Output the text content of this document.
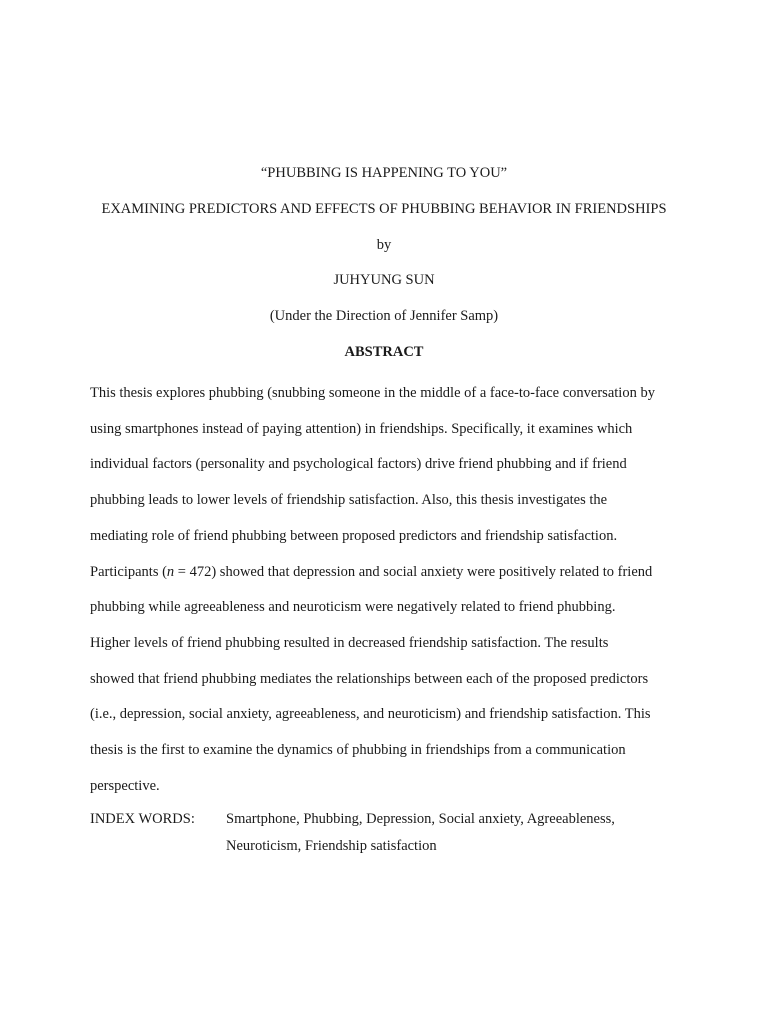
“PHUBBING IS HAPPENING TO YOU”
EXAMINING PREDICTORS AND EFFECTS OF PHUBBING BEHAVIOR IN FRIENDSHIPS
by
JUHYUNG SUN
(Under the Direction of Jennifer Samp)
ABSTRACT

This thesis explores phubbing (snubbing someone in the middle of a face-to-face conversation by
using smartphones instead of paying attention) in friendships. Specifically, it examines which
individual factors (personality and psychological factors) drive friend phubbing and if friend
phubbing leads to lower levels of friendship satisfaction. Also, this thesis investigates the
mediating role of friend phubbing between proposed predictors and friendship satisfaction.
Participants (n = 472) showed that depression and social anxiety were positively related to friend
phubbing while agreeableness and neuroticism were negatively related to friend phubbing.
Higher levels of friend phubbing resulted in decreased friendship satisfaction. The results
showed that friend phubbing mediates the relationships between each of the proposed predictors
(i.e., depression, social anxiety, agreeableness, and neuroticism) and friendship satisfaction. This
thesis is the first to examine the dynamics of phubbing in friendships from a communication
perspective.

INDEX WORDS: Smartphone, Phubbing, Depression, Social anxiety, Agreeableness,
Neuroticism, Friendship satisfaction
